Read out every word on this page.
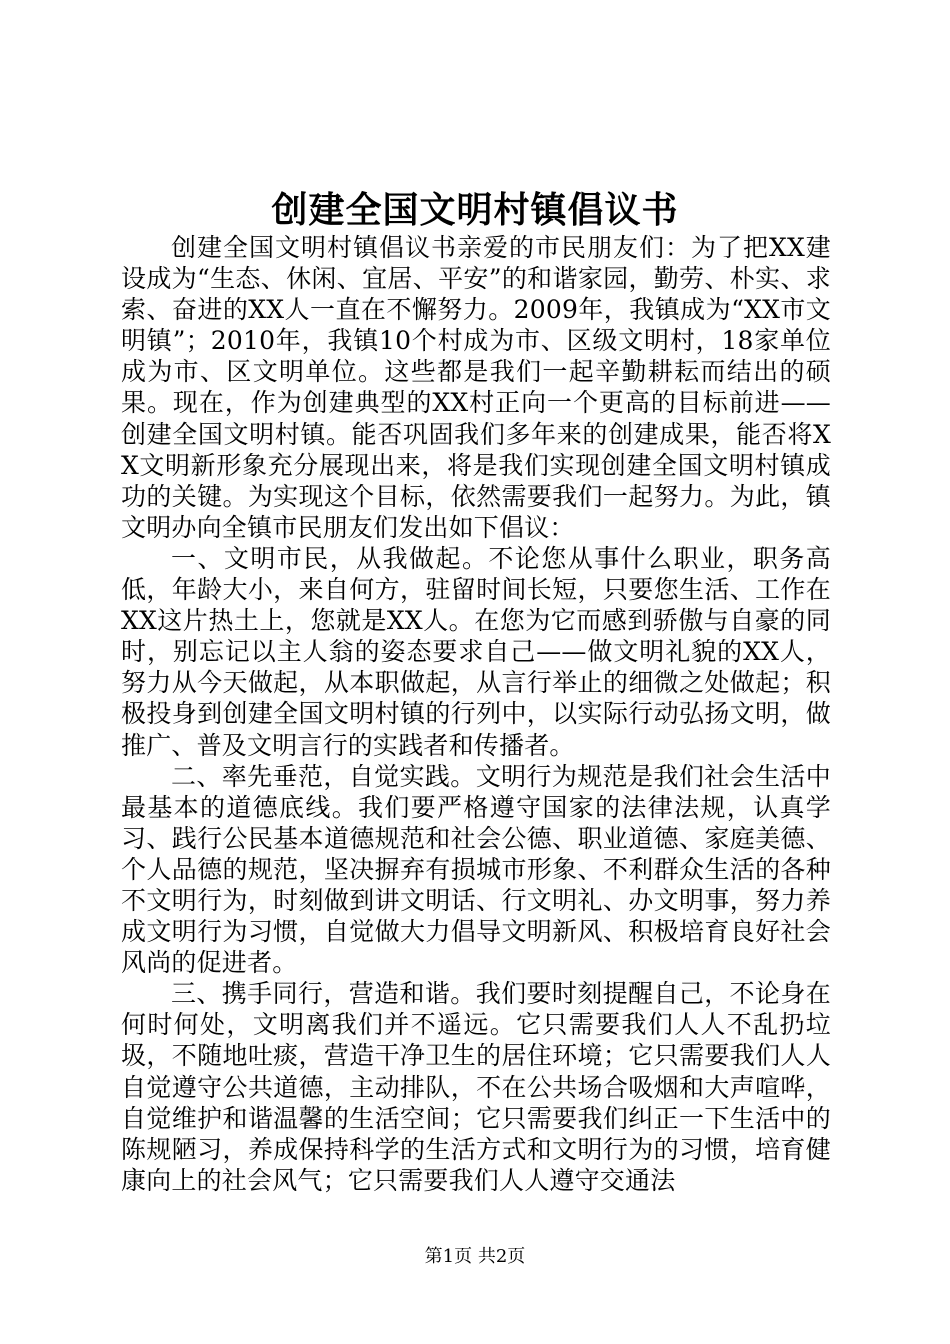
创建全国文明村镇倡议书

创建全国文明村镇倡议书亲爱的市民朋友们：为了把XX建设成为“生态、休闲、宜居、平安”的和谐家园，勤劳、朴实、求索、奋进的XX人一直在不懈努力。2009年，我镇成为“XX市文明镇”；2010年，我镇10个村成为市、区级文明村，18家单位成为市、区文明单位。这些都是我们一起辛勤耕耘而结出的硕果。现在，作为创建典型的XX村正向一个更高的目标前进——创建全国文明村镇。能否巩固我们多年来的创建成果，能否将XX文明新形象充分展现出来，将是我们实现创建全国文明村镇成功的关键。为实现这个目标，依然需要我们一起努力。为此，镇文明办向全镇市民朋友们发出如下倡议：

一、文明市民，从我做起。不论您从事什么职业，职务高低，年龄大小，来自何方，驻留时间长短，只要您生活、工作在XX这片热土上，您就是XX人。在您为它而感到骄傲与自豪的同时，别忘记以主人翁的姿态要求自己——做文明礼貌的XX人，努力从今天做起，从本职做起，从言行举止的细微之处做起；积极投身到创建全国文明村镇的行列中，以实际行动弘扬文明，做推广、普及文明言行的实践者和传播者。

二、率先垂范，自觉实践。文明行为规范是我们社会生活中最基本的道德底线。我们要严格遵守国家的法律法规，认真学习、践行公民基本道德规范和社会公德、职业道德、家庭美德、个人品德的规范，坚决摒弃有损城市形象、不利群众生活的各种不文明行为，时刻做到讲文明话、行文明礼、办文明事，努力养成文明行为习惯，自觉做大力倡导文明新风、积极培育良好社会风尚的促进者。

三、携手同行，营造和谐。我们要时刻提醒自己，不论身在何时何处，文明离我们并不遥远。它只需要我们人人不乱扔垃圾，不随地吐痰，营造干净卫生的居住环境；它只需要我们人人自觉遵守公共道德，主动排队，不在公共场合吸烟和大声喧哗，自觉维护和谐温馨的生活空间；它只需要我们纠正一下生活中的陈规陋习，养成保持科学的生活方式和文明行为的习惯，培育健康向上的社会风气；它只需要我们人人遵守交通法

第1页 共2页
